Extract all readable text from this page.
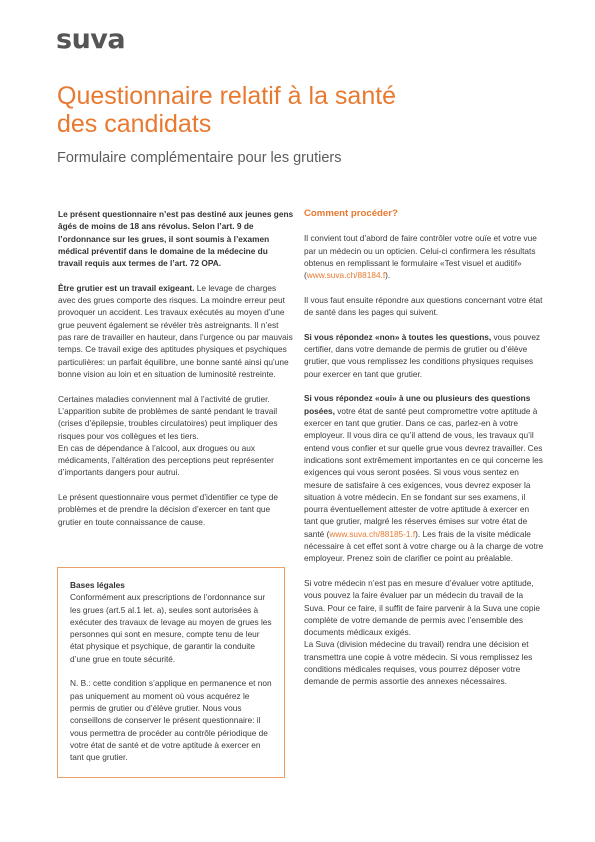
suva
Questionnaire relatif à la santé des candidats
Formulaire complémentaire pour les grutiers

Le présent questionnaire n’est pas destiné aux jeunes gens âgés de moins de 18 ans révolus. Selon l’art. 9 de l’ordonnance sur les grues, il sont soumis à l’examen médical préventif dans le domaine de la médecine du travail requis aux termes de l’art. 72 OPA.

Être grutier est un travail exigeant. Le levage de charges avec des grues comporte des risques. La moindre erreur peut provoquer un accident. Les travaux exécutés au moyen d’une grue peuvent également se révéler très astreignants. Il n’est pas rare de travailler en hauteur, dans l’urgence ou par mauvais temps. Ce travail exige des aptitudes physiques et psychiques particulières: un parfait équilibre, une bonne santé ainsi qu’une bonne vision au loin et en situation de luminosité restreinte.

Certaines maladies conviennent mal à l’activité de grutier. L’apparition subite de problèmes de santé pendant le travail (crises d’épilepsie, troubles circulatoires) peut impliquer des risques pour vos collègues et les tiers.
En cas de dépendance à l’alcool, aux drogues ou aux médicaments, l’altération des perceptions peut représenter d’importants dangers pour autrui.

Le présent questionnaire vous permet d’identifier ce type de problèmes et de prendre la décision d’exercer en tant que grutier en toute connaissance de cause.

Bases légales

Conformément aux prescriptions de l’ordonnance sur les grues (art.5 al.1 let. a), seules sont autorisées à exécuter des travaux de levage au moyen de grues les personnes qui sont en mesure, compte tenu de leur état physique et psychique, de garantir la conduite d’une grue en toute sécurité.

N. B.: cette condition s’applique en permanence et non pas uniquement au moment où vous acquérez le permis de grutier ou d’élève grutier. Nous vous conseillons de conserver le présent questionnaire: il vous permettra de procéder au contrôle périodique de votre état de santé et de votre aptitude à exercer en tant que grutier.

Comment procéder?

Il convient tout d’abord de faire contrôler votre ouïe et votre vue par un médecin ou un opticien. Celui-ci confirmera les résultats obtenus en remplissant le formulaire «Test visuel et auditif» (www.suva.ch/88184.f).

Il vous faut ensuite répondre aux questions concernant votre état de santé dans les pages qui suivent.

Si vous répondez «non» à toutes les questions, vous pouvez certifier, dans votre demande de permis de grutier ou d’élève grutier, que vous remplissez les conditions physiques requises pour exercer en tant que grutier.

Si vous répondez «oui» à une ou plusieurs des questions posées, votre état de santé peut compromettre votre aptitude à exercer en tant que grutier. Dans ce cas, parlez-en à votre employeur. Il vous dira ce qu’il attend de vous, les travaux qu’il entend vous confier et sur quelle grue vous devrez travailler. Ces indications sont extrêmement importantes en ce qui concerne les exigences qui vous seront posées. Si vous vous sentez en mesure de satisfaire à ces exigences, vous devrez exposer la situation à votre médecin. En se fondant sur ses examens, il pourra éventuellement attester de votre aptitude à exercer en tant que grutier, malgré les réserves émises sur votre état de santé (www.suva.ch/88185-1.f). Les frais de la visite médicale nécessaire à cet effet sont à votre charge ou à la charge de votre employeur. Prenez soin de clarifier ce point au préalable.

Si votre médecin n’est pas en mesure d’évaluer votre aptitude, vous pouvez la faire évaluer par un médecin du travail de la Suva. Pour ce faire, il suffit de faire parvenir à la Suva une copie complète de votre demande de permis avec l’ensemble des documents médicaux exigés.
La Suva (division médecine du travail) rendra une décision et transmettra une copie à votre médecin. Si vous remplissez les conditions médicales requises, vous pourrez déposer votre demande de permis assortie des annexes nécessaires.
